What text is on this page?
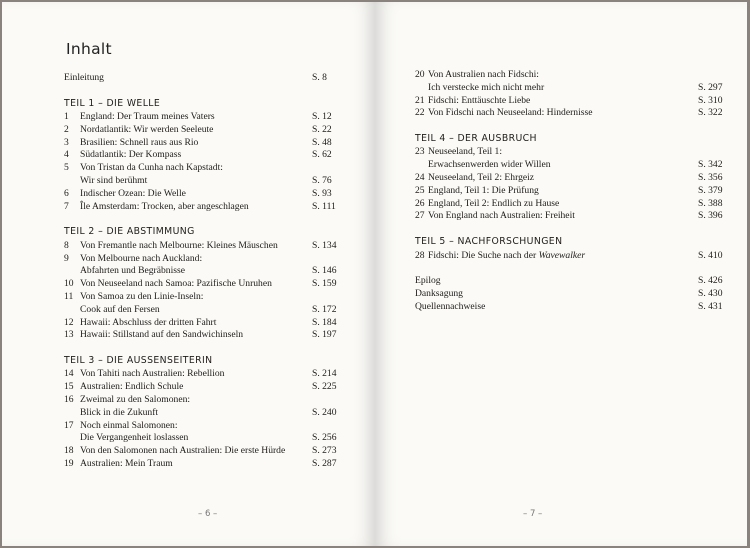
Inhalt
Einleitung	S. 8
TEIL 1 – DIE WELLE
1 England: Der Traum meines Vaters	S. 12
2 Nordatlantik: Wir werden Seeleute	S. 22
3 Brasilien: Schnell raus aus Rio	S. 48
4 Südatlantik: Der Kompass	S. 62
5 Von Tristan da Cunha nach Kapstadt:
Wir sind berühmt	S. 76
6 Indischer Ozean: Die Welle	S. 93
7 Île Amsterdam: Trocken, aber angeschlagen	S. 111
TEIL 2 – DIE ABSTIMMUNG
8 Von Fremantle nach Melbourne: Kleines Mäuschen	S. 134
9 Von Melbourne nach Auckland:
Abfahrten und Begräbnisse	S. 146
10 Von Neuseeland nach Samoa: Pazifische Unruhen	S. 159
11 Von Samoa zu den Linie-Inseln:
Cook auf den Fersen	S. 172
12 Hawaii: Abschluss der dritten Fahrt	S. 184
13 Hawaii: Stillstand auf den Sandwichinseln	S. 197
TEIL 3 – DIE AUSSENSEITERIN
14 Von Tahiti nach Australien: Rebellion	S. 214
15 Australien: Endlich Schule	S. 225
16 Zweimal zu den Salomonen:
Blick in die Zukunft	S. 240
17 Noch einmal Salomonen:
Die Vergangenheit loslassen	S. 256
18 Von den Salomonen nach Australien: Die erste Hürde	S. 273
19 Australien: Mein Traum	S. 287
– 6 –
20 Von Australien nach Fidschi:
Ich verstecke mich nicht mehr	S. 297
21 Fidschi: Enttäuschte Liebe	S. 310
22 Von Fidschi nach Neuseeland: Hindernisse	S. 322
TEIL 4 – DER AUSBRUCH
23 Neuseeland, Teil 1:
Erwachsenwerden wider Willen	S. 342
24 Neuseeland, Teil 2: Ehrgeiz	S. 356
25 England, Teil 1: Die Prüfung	S. 379
26 England, Teil 2: Endlich zu Hause	S. 388
27 Von England nach Australien: Freiheit	S. 396
TEIL 5 – NACHFORSCHUNGEN
28 Fidschi: Die Suche nach der Wavewalker	S. 410
Epilog	S. 426
Danksagung	S. 430
Quellennachweise	S. 431
– 7 –
